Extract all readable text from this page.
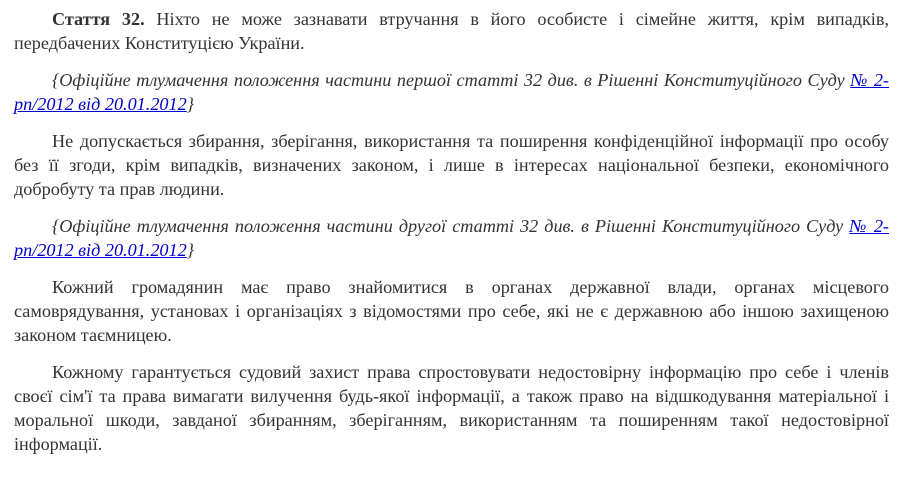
Стаття 32. Ніхто не може зазнавати втручання в його особисте і сімейне життя, крім випадків, передбачених Конституцією України.

{Офіційне тлумачення положення частини першої статті 32 див. в Рішенні Конституційного Суду № 2-рп/2012 від 20.01.2012}

Не допускається збирання, зберігання, використання та поширення конфіденційної інформації про особу без її згоди, крім випадків, визначених законом, і лише в інтересах національної безпеки, економічного добробуту та прав людини.

{Офіційне тлумачення положення частини другої статті 32 див. в Рішенні Конституційного Суду № 2-рп/2012 від 20.01.2012}

Кожний громадянин має право знайомитися в органах державної влади, органах місцевого самоврядування, установах і організаціях з відомостями про себе, які не є державною або іншою захищеною законом таємницею.

Кожному гарантується судовий захист права спростовувати недостовірну інформацію про себе і членів своєї сім'ї та права вимагати вилучення будь-якої інформації, а також право на відшкодування матеріальної і моральної шкоди, завданої збиранням, зберіганням, використанням та поширенням такої недостовірної інформації.
